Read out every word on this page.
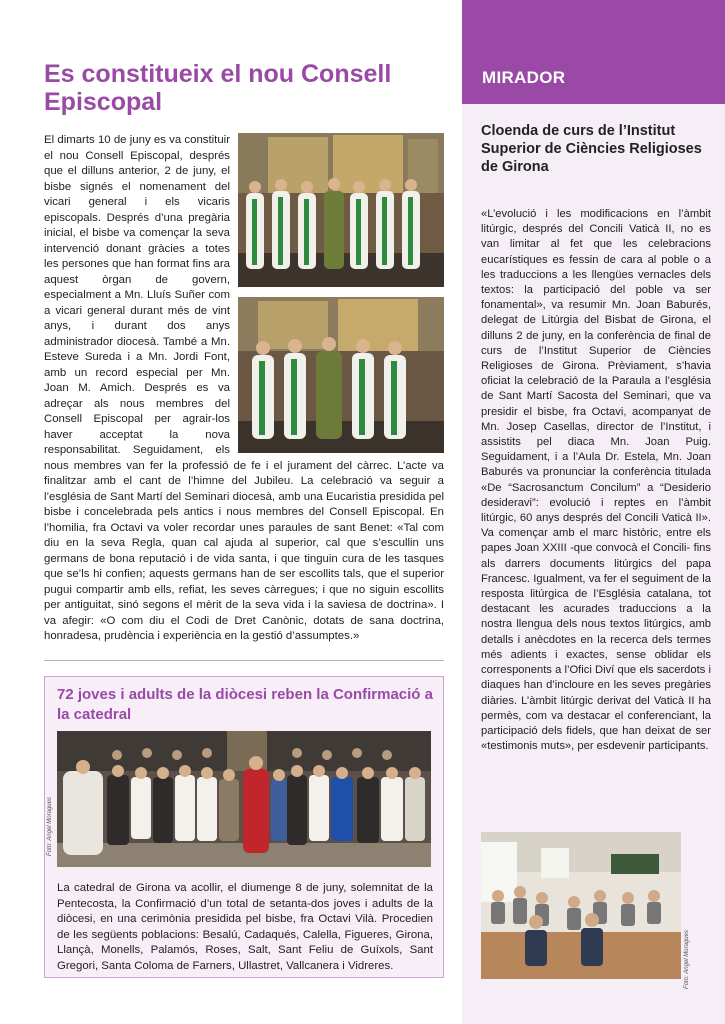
Es constitueix el nou Consell Episcopal
El dimarts 10 de juny es va constituir el nou Consell Episcopal, després que el dilluns anterior, 2 de juny, el bisbe signés el nomenament del vicari general i els vicaris episcopals. Després d’una pregària inicial, el bisbe va començar la seva intervenció donant gràcies a totes les persones que han format fins ara aquest òrgan de govern, especialment a Mn. Lluís Suñer com a vicari general durant més de vint anys, i durant dos anys administrador diocesà. També a Mn. Esteve Sureda i a Mn. Jordi Font, amb un record especial per Mn. Joan M. Amich. Després es va adreçar als nous membres del Consell Episcopal per agrair-los haver acceptat la nova responsabilitat. Seguidament, els nous membres van fer la professió de fe i el jurament del càrrec. L’acte va finalitzar amb el cant de l’himne del Jubileu. La celebració va seguir a l’església de Sant Martí del Seminari diocesà, amb una Eucaristia presidida pel bisbe i concelebrada pels antics i nous membres del Consell Episcopal. En l’homilia, fra Octavi va voler recordar unes paraules de sant Benet: «Tal com diu en la seva Regla, quan cal ajuda al superior, cal que s’escullin uns germans de bona reputació i de vida santa, i que tinguin cura de les tasques que se’ls hi confien; aquests germans han de ser escollits tals, que el superior pugui compartir amb ells, refiat, les seves càrregues; i que no siguin escollits per antiguitat, sinó segons el mèrit de la seva vida i la saviesa de doctrina». I va afegir: «O com diu el Codi de Dret Canònic, dotats de sana doctrina, honradesa, prudència i experiència en la gestió d’assumptes.»
72 joves i adults de la diòcesi reben la Confirmació a la catedral
Foto: Àngel Moragues
La catedral de Girona va acollir, el diumenge 8 de juny, solemnitat de la Pentecosta, la Confirmació d’un total de setanta-dos joves i adults de la diòcesi, en una cerimònia presidida pel bisbe, fra Octavi Vilà. Procedien de les següents poblacions: Besalú, Cadaqués, Calella, Figueres, Girona, Llançà, Monells, Palamós, Roses, Salt, Sant Feliu de Guíxols, Sant Gregori, Santa Coloma de Farners, Ullastret, Vallcanera i Vidreres.
MIRADOR
Cloenda de curs de l’Institut Superior de Ciències Religioses de Girona
«L’evolució i les modificacions en l’àmbit litúrgic, després del Concili Vaticà II, no es van limitar al fet que les celebracions eucarístiques es fessin de cara al poble o a les traduccions a les llengües vernacles dels textos: la participació del poble va ser fonamental», va resumir Mn. Joan Baburés, delegat de Litúrgia del Bisbat de Girona, el dilluns 2 de juny, en la conferència de final de curs de l’Institut Superior de Ciències Religioses de Girona. Prèviament, s’havia oficiat la celebració de la Paraula a l’església de Sant Martí Sacosta del Seminari, que va presidir el bisbe, fra Octavi, acompanyat de Mn. Josep Casellas, director de l’Institut, i assistits pel diaca Mn. Joan Puig. Seguidament, i a l’Aula Dr. Estela, Mn. Joan Baburés va pronunciar la conferència titulada «De “Sacrosanctum Concilum” a “Desiderio desideravi”: evolució i reptes en l’àmbit litúrgic, 60 anys després del Concili Vaticà II». Va començar amb el marc històric, entre els papes Joan XXIII -que convocà el Concili- fins als darrers documents litúrgics del papa Francesc. Igualment, va fer el seguiment de la resposta litúrgica de l’Església catalana, tot destacant les acurades traduccions a la nostra llengua dels nous textos litúrgics, amb detalls i anècdotes en la recerca dels termes més adients i exactes, sense oblidar els corresponents a l’Ofici Diví que els sacerdots i diaques han d’incloure en les seves pregàries diàries. L’àmbit litúrgic derivat del Vaticà II ha permès, com va destacar el conferenciant, la participació dels fidels, que han deixat de ser «testimonis muts», per esdevenir participants.
Foto: Àngel Moragues
